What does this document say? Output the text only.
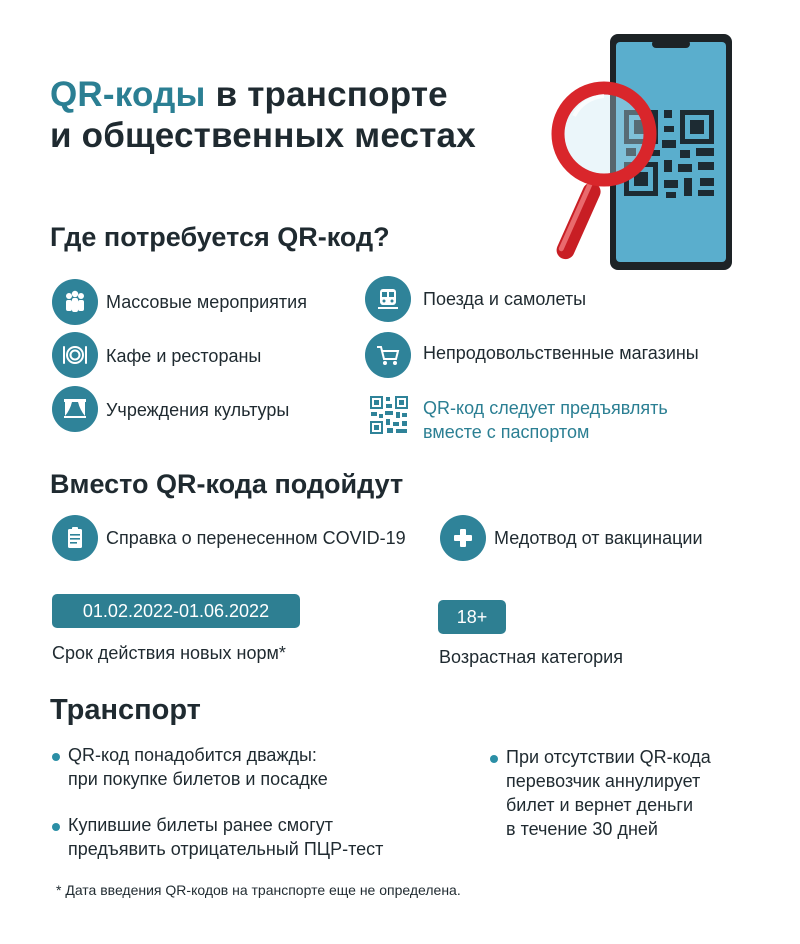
QR-коды в транспорте
и общественных местах
Где потребуется QR-код?
Массовые мероприятия
Кафе и рестораны
Учреждения культуры
Поезда и самолеты
Непродовольственные магазины
QR-код следует предъявлять
вместе с паспортом
Вместо QR-кода подойдут
Справка о перенесенном COVID-19	Медотвод от вакцинации
01.02.2022-01.06.2022
Срок действия новых норм*
18+
Возрастная категория
Транспорт
QR-код понадобится дважды:
при покупке билетов и посадке
Купившие билеты ранее смогут
предъявить отрицательный ПЦР-тест
При отсутствии QR-кода
перевозчик аннулирует
билет и вернет деньги
в течение 30 дней
* Дата введения QR-кодов на транспорте еще не определена.
